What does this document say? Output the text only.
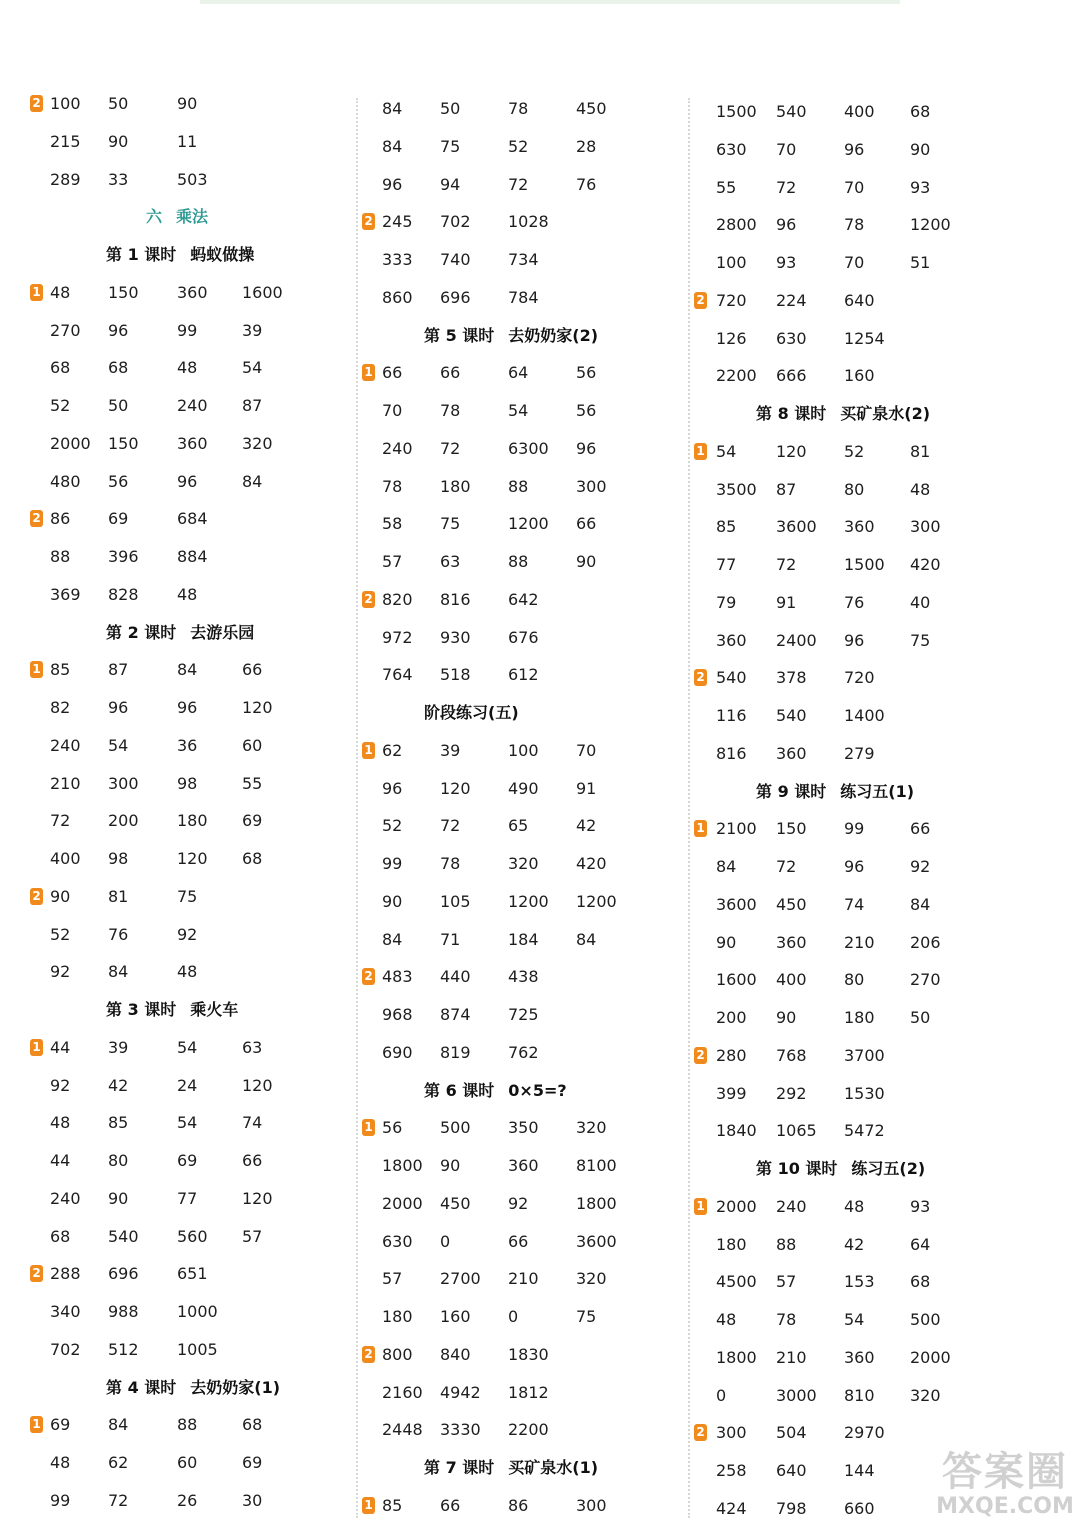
2 100 50	90
215 90	11
289 33	503
六 乘法
第 1 课时 蚂蚁做操
1 48 150 360 1600
270 96	99	39
68 68	48	54
52 50	240 87
2000 150 360 320
480 56	96	84
2 86 69	684
88 396 884
369 828 48
第 2 课时 去游乐园
1 85 87	84	66
82 96	96	120
240 54	36	60
210 300 98	55
72 200 180 69
400 98	120 68
2 90 81	75
52 76	92
92 84	48
第 3 课时 乘火车
1 44 39	54	63
92 42	24	120
48 85	54	74
44 80	69	66
240 90	77	120
68 540 560 57
2 288 696 651
340 988 1000
702 512 1005
第 4 课时 去奶奶家(1)
1 69 84	88	68
48 62	60	69
99 72	26	30
84 50	78	450
84 75	52	28
96 94	72	76
2 245 702 1028
333 740 734
860 696 784
第 5 课时 去奶奶家(2)
1 66 66	64	56
70 78	54	56
240 72	6300 96
78 180 88	300
58 75	1200 66
57 63	88	90
2 820 816 642
972 930 676
764 518 612
阶段练习(五)
1 62 39	100 70
96 120 490 91
52 72	65	42
99 78	320 420
90 105 1200 1200
84 71	184 84
2 483 440 438
968 874 725
690 819 762
第 6 课时 0×5=?
1 56 500 350 320
1800 90	360 8100
2000 450 92	1800
630 0	66	3600
57 2700 210 320
180 160 0	75
2 800 840 1830
2160 4942 1812
2448 3330 2200
第 7 课时 买矿泉水(1)
1 85 66	86	300
1500 540 400 68
630 70	96	90
55 72	70	93
2800 96	78	1200
100 93	70	51
2 720 224 640
126 630 1254
2200 666 160
第 8 课时 买矿泉水(2)
1 54 120 52	81
3500 87	80	48
85 3600 360 300
77 72	1500 420
79 91	76	40
360 2400 96	75
2 540 378 720
116 540 1400
816 360 279
第 9 课时 练习五(1)
1 2100 150 99	66
84 72	96	92
3600 450 74	84
90 360 210 206
1600 400 80	270
200 90	180 50
2 280 768 3700
399 292 1530
1840 1065 5472
第 10 课时 练习五(2)
1 2000 240 48	93
180 88	42	64
4500 57	153 68
48 78	54	500
1800 210 360 2000
0	3000 810 320
2 300 504 2970
258 640 144
424 798 660
答案圈
MXQE.COM
